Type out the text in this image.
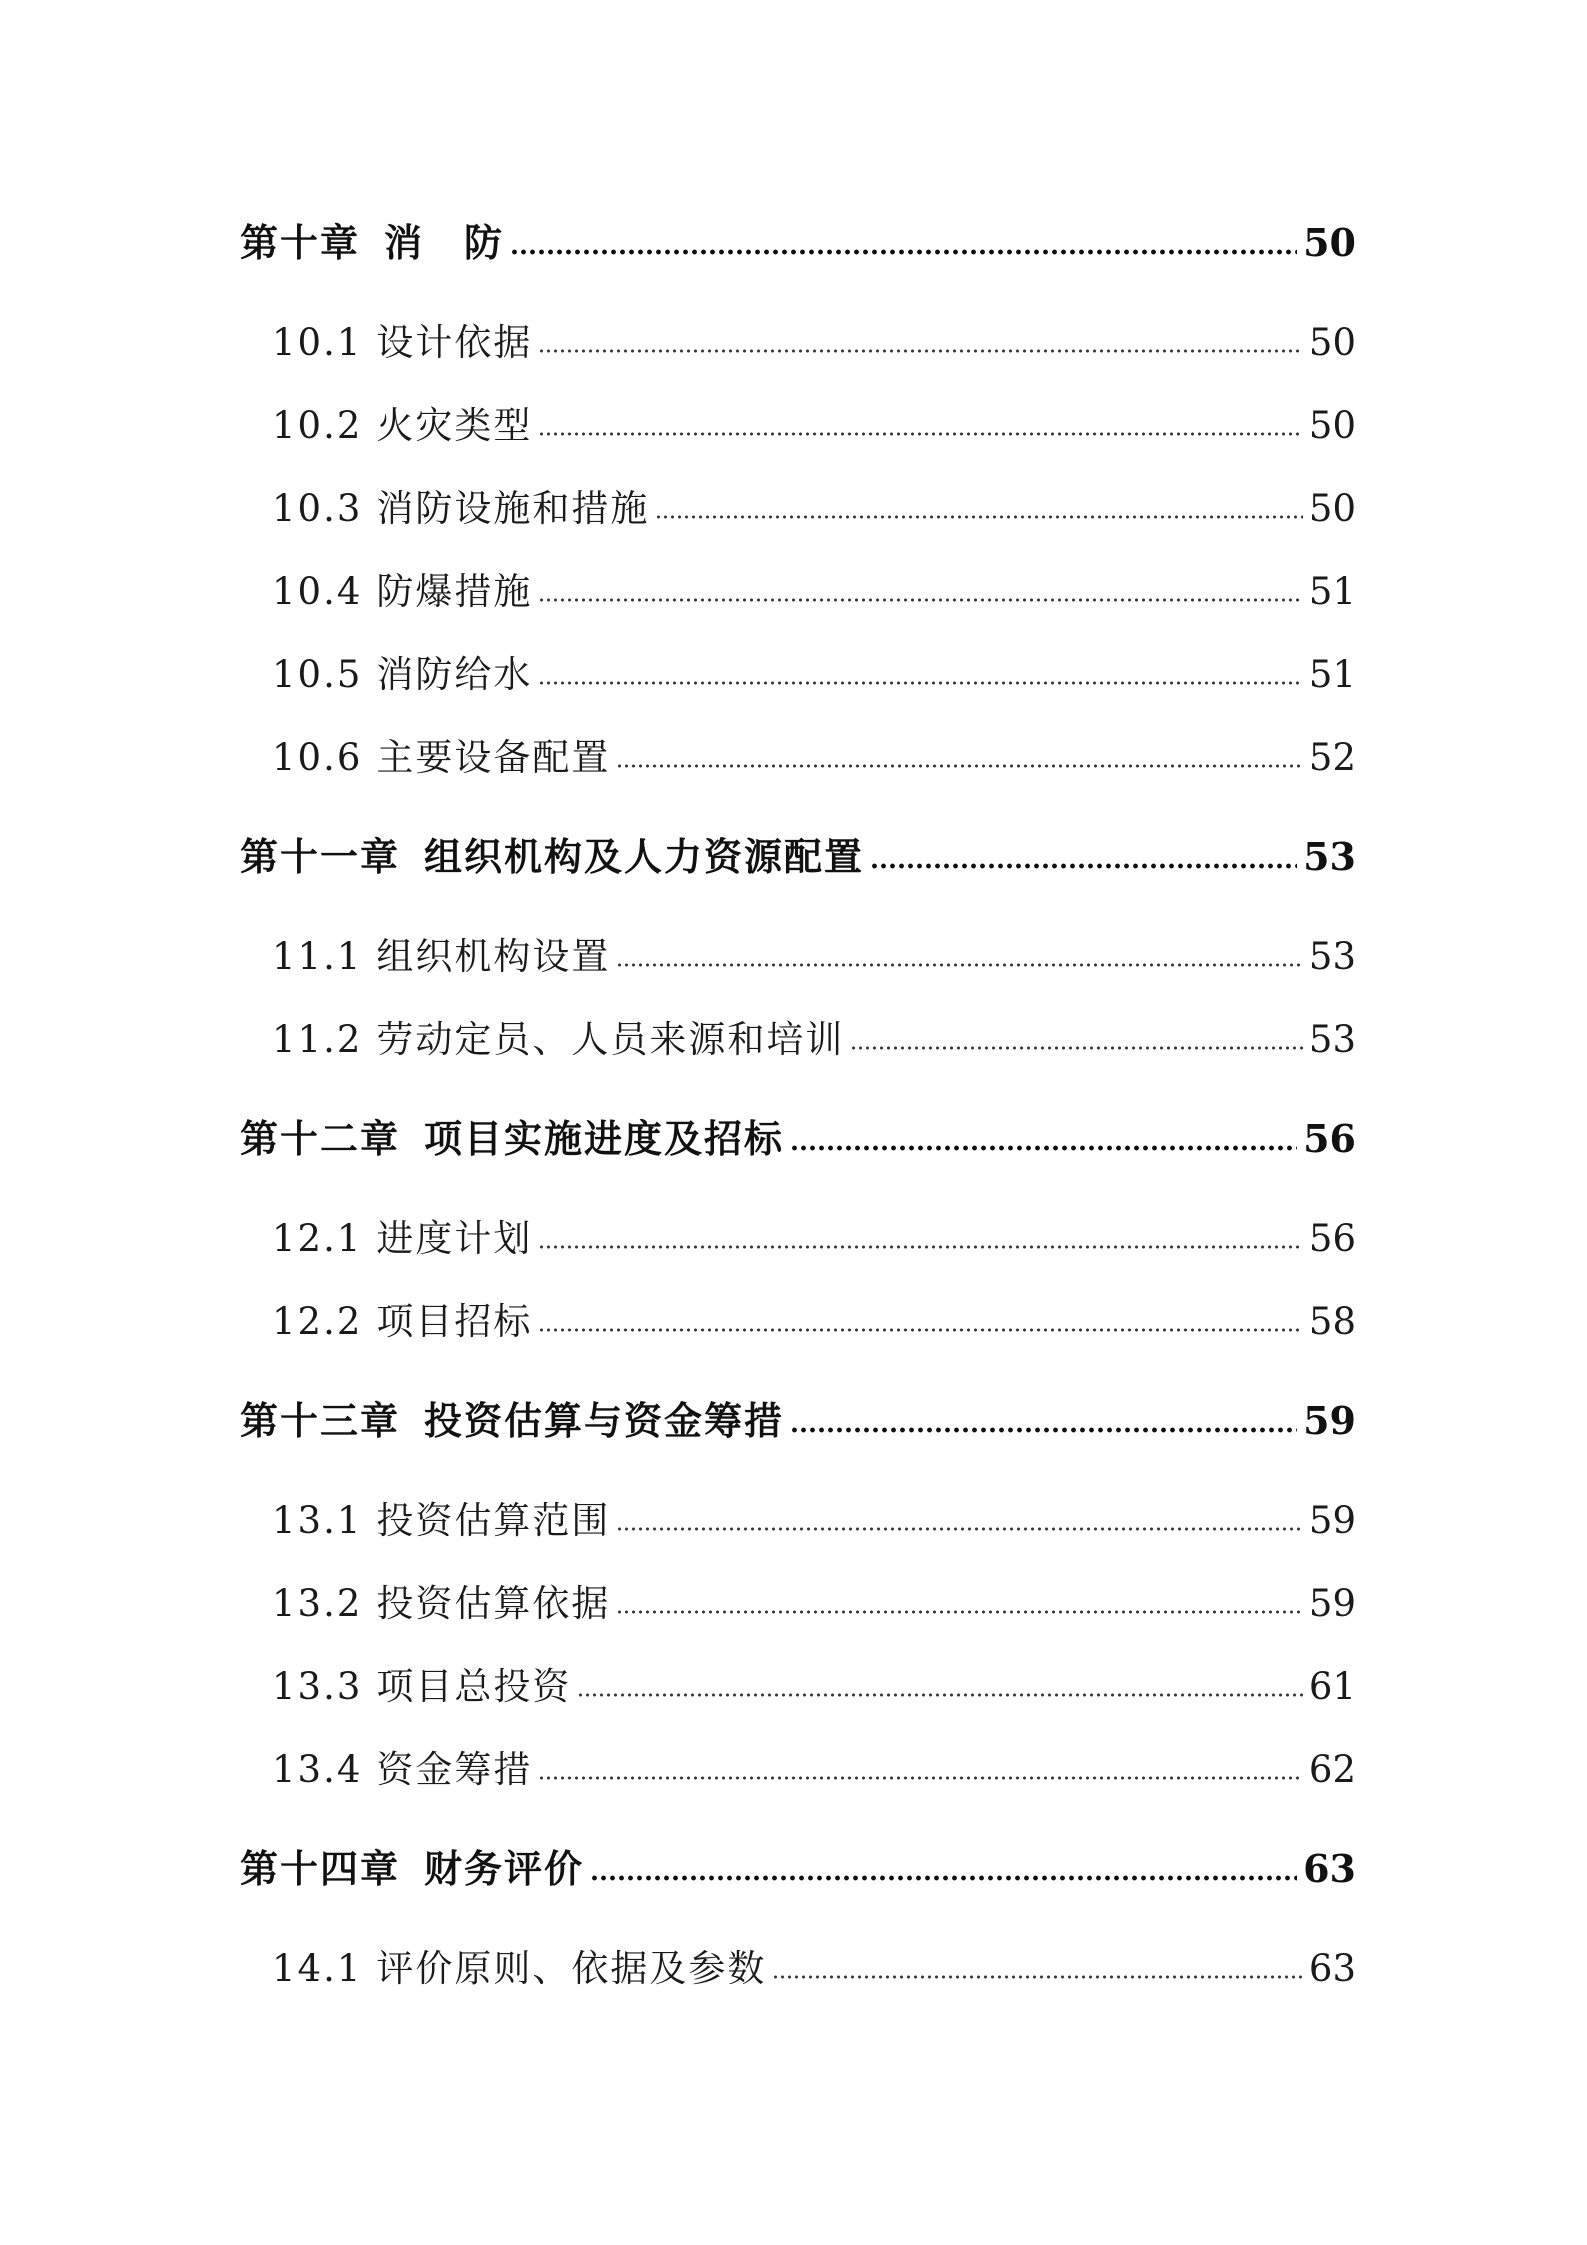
第十章 消　防	50
10.1 设计依据	50
10.2 火灾类型	50
10.3 消防设施和措施	50
10.4 防爆措施	51
10.5 消防给水	51
10.6 主要设备配置	52
第十一章 组织机构及人力资源配置	53
11.1 组织机构设置	53
11.2 劳动定员、人员来源和培训	53
第十二章 项目实施进度及招标	56
12.1 进度计划	56
12.2 项目招标	58
第十三章 投资估算与资金筹措	59
13.1 投资估算范围	59
13.2 投资估算依据	59
13.3 项目总投资	61
13.4 资金筹措	62
第十四章 财务评价	63
14.1 评价原则、依据及参数	63
